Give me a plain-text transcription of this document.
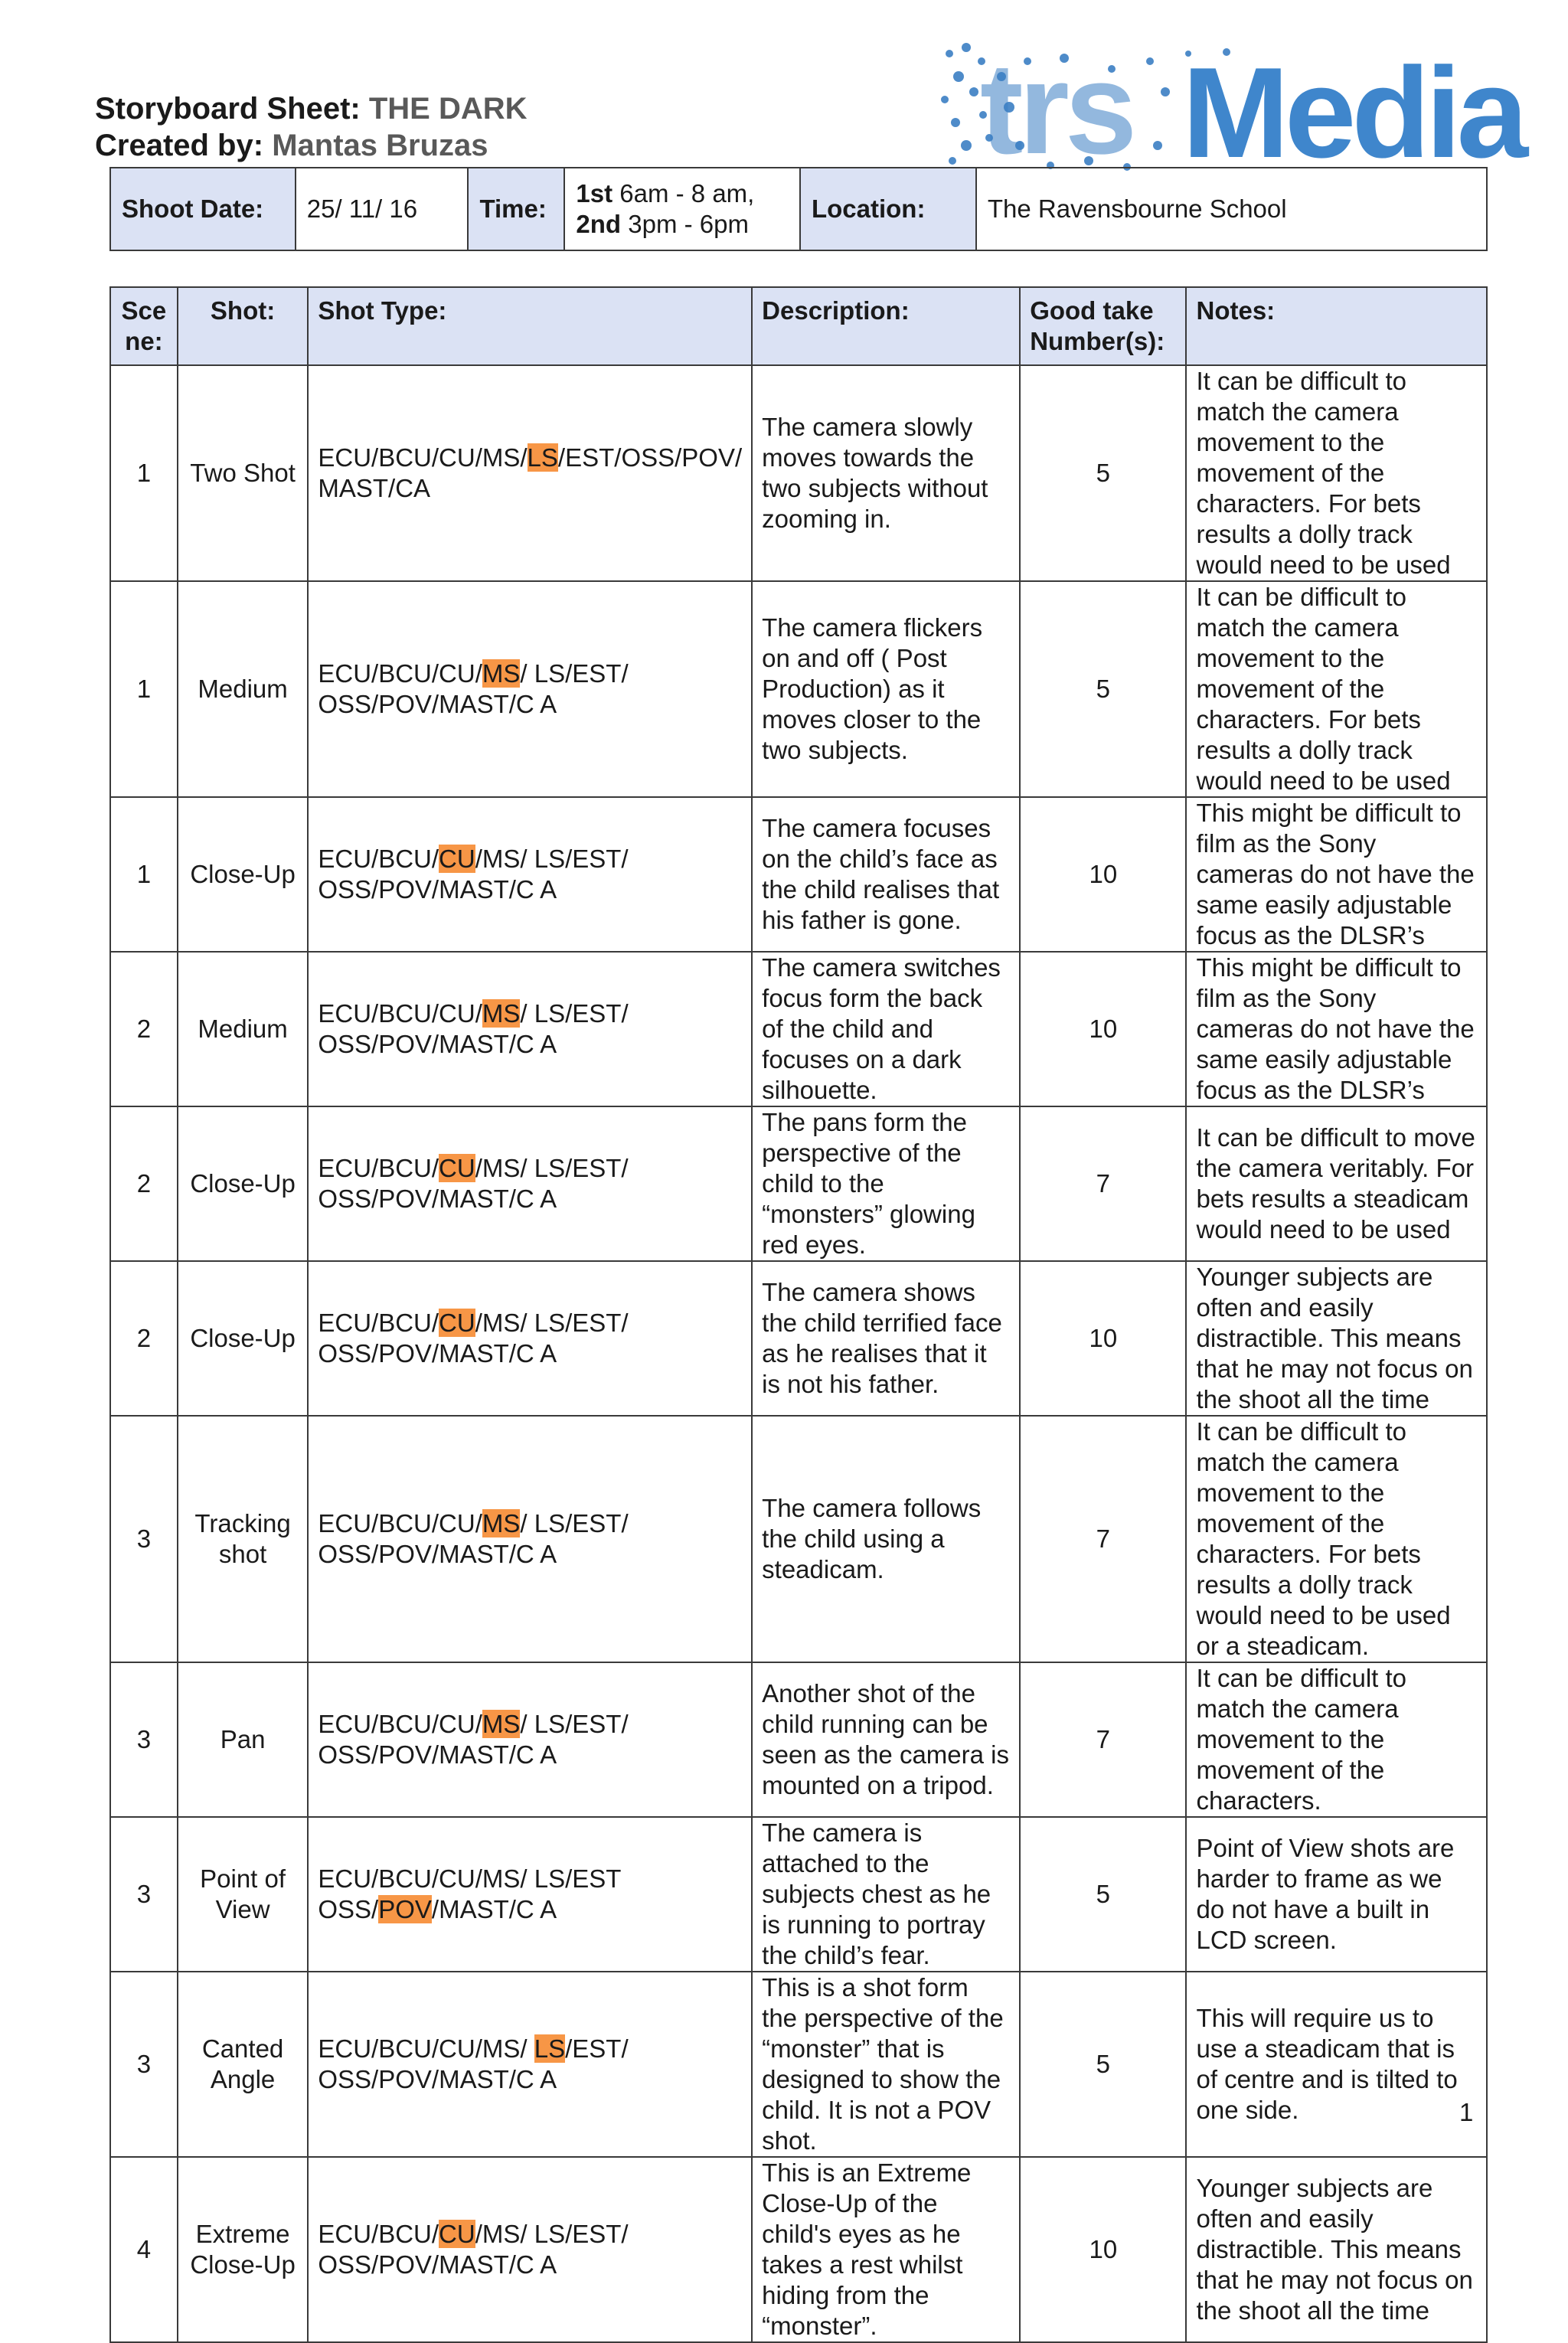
Storyboard Sheet: THE DARK
Created by: Mantas Bruzas	trs Media
Shoot Date:	25/ 11/ 16	Time:	1st 6am - 8 am,
2nd 3pm - 6pm	Location:	The Ravensbourne School
Sce ne:	Shot:	Shot Type:	Description:	Good take Number(s):	Notes:
1	Two Shot	ECU/BCU/CU/MS/LS/EST/OSS/POV/ MAST/CA	The camera slowly moves towards the two subjects without zooming in.	5	It can be difficult to match the camera movement to the movement of the characters. For bets results a dolly track would need to be used
1	Medium	ECU/BCU/CU/MS/ LS/EST/ OSS/POV/MAST/C A	The camera flickers on and off ( Post Production) as it moves closer to the two subjects.	5	It can be difficult to match the camera movement to the movement of the characters. For bets results a dolly track would need to be used
1	Close-Up	ECU/BCU/CU/MS/ LS/EST/ OSS/POV/MAST/C A	The camera focuses on the child’s face as the child realises that his father is gone.	10	This might be difficult to film as the Sony cameras do not have the same easily adjustable focus as the DLSR’s
2	Medium	ECU/BCU/CU/MS/ LS/EST/ OSS/POV/MAST/C A	The camera switches focus form the back of the child and focuses on a dark silhouette.	10	This might be difficult to film as the Sony cameras do not have the same easily adjustable focus as the DLSR’s
2	Close-Up	ECU/BCU/CU/MS/ LS/EST/ OSS/POV/MAST/C A	The pans form the perspective of the child to the “monsters” glowing red eyes.	7	It can be difficult to move the camera veritably. For bets results a steadicam would need to be used
2	Close-Up	ECU/BCU/CU/MS/ LS/EST/ OSS/POV/MAST/C A	The camera shows the child terrified face as he realises that it is not his father.	10	Younger subjects are often and easily distractible. This means that he may not focus on the shoot all the time
3	Tracking shot	ECU/BCU/CU/MS/ LS/EST/ OSS/POV/MAST/C A	The camera follows the child using a steadicam.	7	It can be difficult to match the camera movement to the movement of the characters. For bets results a dolly track would need to be used or a steadicam.
3	Pan	ECU/BCU/CU/MS/ LS/EST/ OSS/POV/MAST/C A	Another shot of the child running can be seen as the camera is mounted on a tripod.	7	It can be difficult to match the camera movement to the movement of the characters.
3	Point of View	ECU/BCU/CU/MS/ LS/EST OSS/POV/MAST/C A	The camera is attached to the subjects chest as he is running to portray the child’s fear.	5	Point of View shots are harder to frame as we do not have a built in LCD screen.
3	Canted Angle	ECU/BCU/CU/MS/ LS/EST/ OSS/POV/MAST/C A	This is a shot form the perspective of the “monster” that is designed to show the child. It is not a POV shot.	5	This will require us to use a steadicam that is of centre and is tilted to one side.
4	Extreme Close-Up	ECU/BCU/CU/MS/ LS/EST/ OSS/POV/MAST/C A	This is an Extreme Close-Up of the child's eyes as he takes a rest whilst hiding from the “monster”.	10	Younger subjects are often and easily distractible. This means that he may not focus on the shoot all the time
1
